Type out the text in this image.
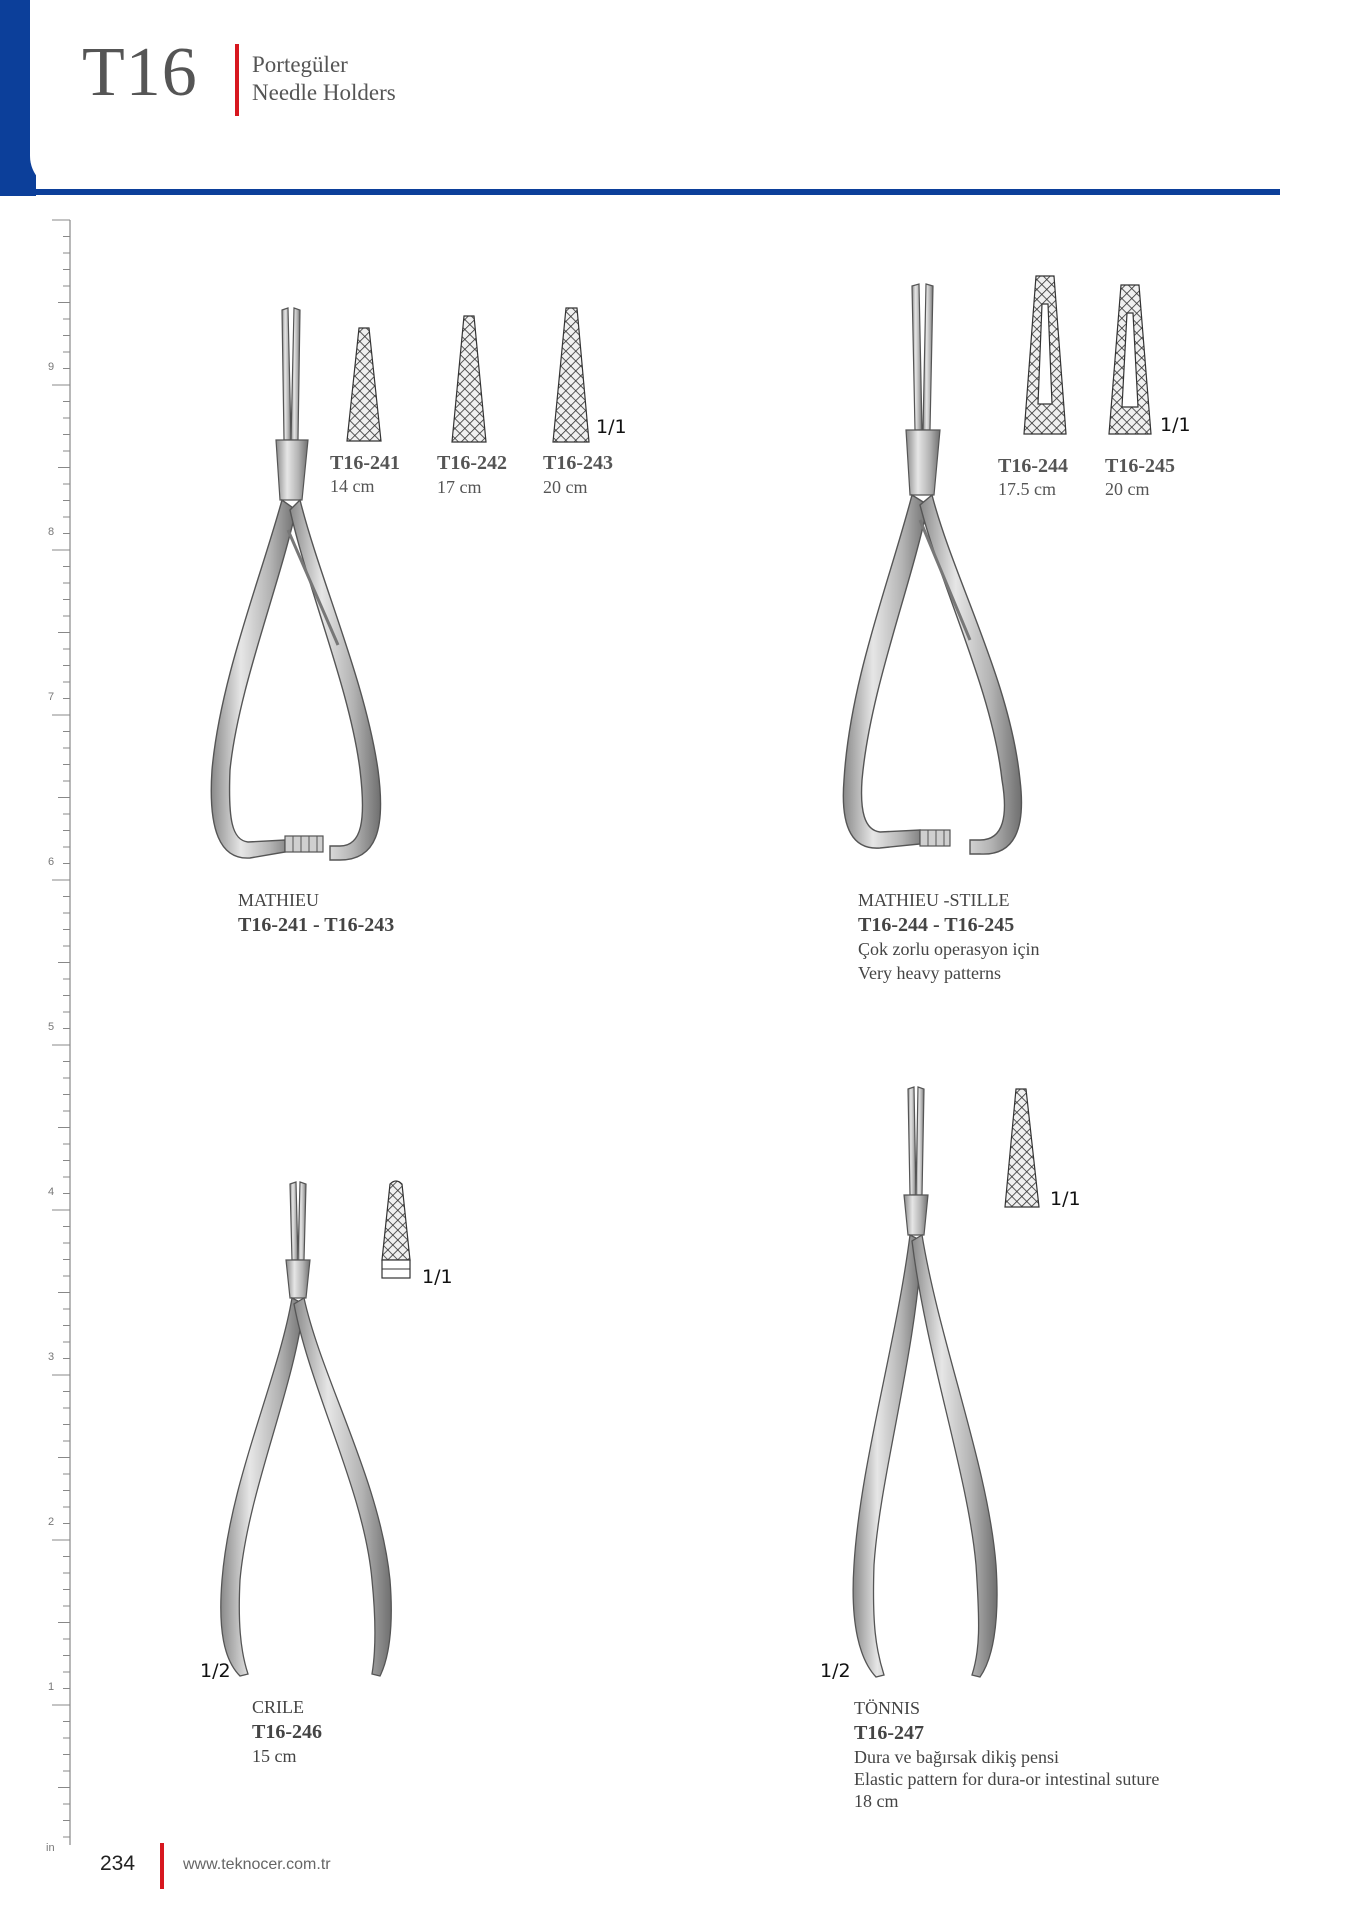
T16 Portegüler
Needle Holders
9
8
7
6
5
4
3
2
1
in
1/1
T16-241
14 cm
T16-242
17 cm
T16-243
20 cm
MATHIEU
T16-241 - T16-243
1/1
T16-244
17.5 cm
T16-245
20 cm
MATHIEU -STILLE
T16-244 - T16-245
Çok zorlu operasyon için
Very heavy patterns
1/1
1/2
CRILE
T16-246
15 cm
1/1
1/2
TÖNNIS
T16-247
Dura ve bağırsak dikiş pensi
Elastic pattern for dura-or intestinal suture
18 cm
234	www.teknocer.com.tr
